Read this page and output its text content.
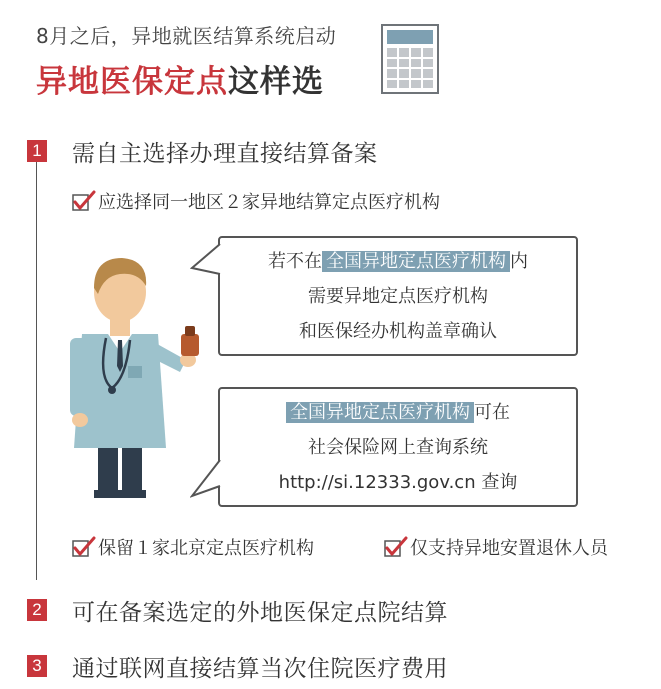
8月之后，异地就医结算系统启动
异地医保定点这样选
1 需自主选择办理直接结算备案
应选择同一地区２家异地结算定点医疗机构
若不在 全国异地定点医疗机构 内
需要异地定点医疗机构
和医保经办机构盖章确认
全国异地定点医疗机构 可在
社会保险网上查询系统
http://si.12333.gov.cn 查询
保留１家北京定点医疗机构	仅支持异地安置退休人员
2 可在备案选定的外地医保定点院结算
3 通过联网直接结算当次住院医疗费用
